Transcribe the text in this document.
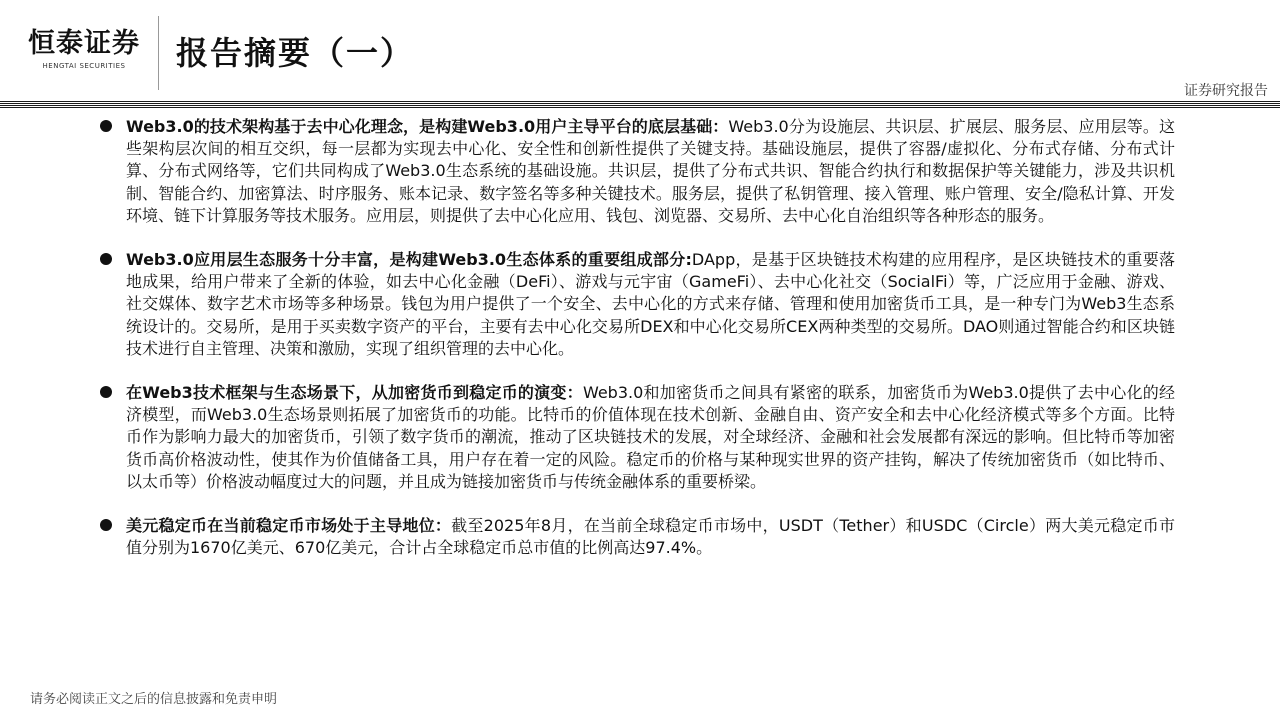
恒泰证券
HENGTAI SECURITIES	报告摘要（一）
证券研究报告
Web3.0的技术架构基于去中心化理念，是构建Web3.0用户主导平台的底层基础：Web3.0分为设施层、共识层、扩展层、服务层、应用层等。这些架构层次间的相互交织，每一层都为实现去中心化、安全性和创新性提供了关键支持。基础设施层，提供了容器/虚拟化、分布式存储、分布式计算、分布式网络等，它们共同构成了Web3.0生态系统的基础设施。共识层，提供了分布式共识、智能合约执行和数据保护等关键能力，涉及共识机制、智能合约、加密算法、时序服务、账本记录、数字签名等多种关键技术。服务层，提供了私钥管理、接入管理、账户管理、安全/隐私计算、开发环境、链下计算服务等技术服务。应用层，则提供了去中心化应用、钱包、浏览器、交易所、去中心化自治组织等各种形态的服务。
Web3.0应用层生态服务十分丰富，是构建Web3.0生态体系的重要组成部分:DApp，是基于区块链技术构建的应用程序，是区块链技术的重要落地成果，给用户带来了全新的体验，如去中心化金融（DeFi）、游戏与元宇宙（GameFi）、去中心化社交（SocialFi）等，广泛应用于金融、游戏、社交媒体、数字艺术市场等多种场景。钱包为用户提供了一个安全、去中心化的方式来存储、管理和使用加密货币工具，是一种专门为Web3生态系统设计的。交易所，是用于买卖数字资产的平台，主要有去中心化交易所DEX和中心化交易所CEX两种类型的交易所。DAO则通过智能合约和区块链技术进行自主管理、决策和激励，实现了组织管理的去中心化。
在Web3技术框架与生态场景下，从加密货币到稳定币的演变：Web3.0和加密货币之间具有紧密的联系，加密货币为Web3.0提供了去中心化的经济模型，而Web3.0生态场景则拓展了加密货币的功能。比特币的价值体现在技术创新、金融自由、资产安全和去中心化经济模式等多个方面。比特币作为影响力最大的加密货币，引领了数字货币的潮流，推动了区块链技术的发展，对全球经济、金融和社会发展都有深远的影响。但比特币等加密货币高价格波动性，使其作为价值储备工具，用户存在着一定的风险。稳定币的价格与某种现实世界的资产挂钩，解决了传统加密货币（如比特币、以太币等）价格波动幅度过大的问题，并且成为链接加密货币与传统金融体系的重要桥梁。
美元稳定币在当前稳定币市场处于主导地位：截至2025年8月，在当前全球稳定币市场中，USDT（Tether）和USDC（Circle）两大美元稳定币市值分别为1670亿美元、670亿美元，合计占全球稳定币总市值的比例高达97.4%。
请务必阅读正文之后的信息披露和免责申明
